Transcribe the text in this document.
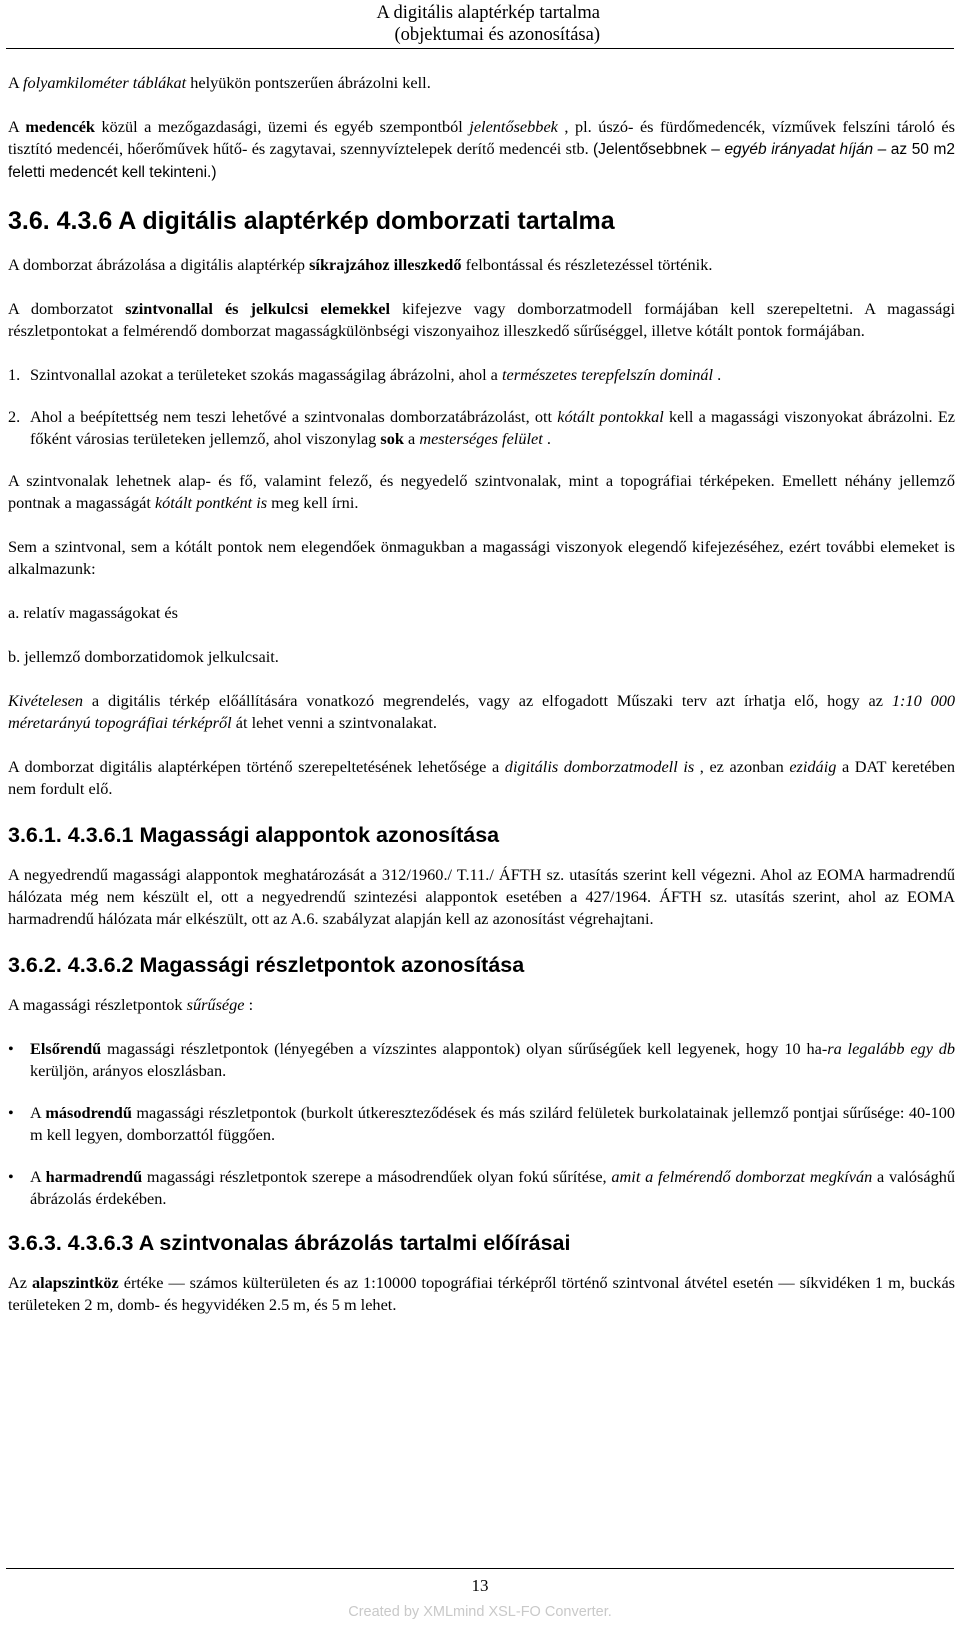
A digitális alaptérkép tartalma
(objektumai és azonosítása)

A folyamkilométer táblákat helyükön pontszerűen ábrázolni kell.

A medencék közül a mezőgazdasági, üzemi és egyéb szempontból jelentősebbek , pl. úszó- és fürdőmedencék, vízművek felszíni tároló és tisztító medencéi, hőerőművek hűtő- és zagytavai, szennyvíztelepek derítő medencéi stb. (Jelentősebbnek – egyéb irányadat híján – az 50 m2 feletti medencét kell tekinteni.)

3.6. 4.3.6 A digitális alaptérkép domborzati tartalma

A domborzat ábrázolása a digitális alaptérkép síkrajzához illeszkedő felbontással és részletezéssel történik.

A domborzatot szintvonallal és jelkulcsi elemekkel kifejezve vagy domborzatmodell formájában kell szerepeltetni. A magassági részletpontokat a felmérendő domborzat magasságkülönbségi viszonyaihoz illeszkedő sűrűséggel, illetve kótált pontok formájában.

1. Szintvonallal azokat a területeket szokás magasságilag ábrázolni, ahol a természetes terepfelszín dominál .
2. Ahol a beépítettség nem teszi lehetővé a szintvonalas domborzatábrázolást, ott kótált pontokkal kell a magassági viszonyokat ábrázolni. Ez főként városias területeken jellemző, ahol viszonylag sok a mesterséges felület .

A szintvonalak lehetnek alap- és fő, valamint felező, és negyedelő szintvonalak, mint a topográfiai térképeken. Emellett néhány jellemző pontnak a magasságát kótált pontként is meg kell írni.

Sem a szintvonal, sem a kótált pontok nem elegendőek önmagukban a magassági viszonyok elegendő kifejezéséhez, ezért további elemeket is alkalmazunk:

a. relatív magasságokat és

b. jellemző domborzatidomok jelkulcsait.

Kivételesen a digitális térkép előállítására vonatkozó megrendelés, vagy az elfogadott Műszaki terv azt írhatja elő, hogy az 1:10 000 méretarányú topográfiai térképről át lehet venni a szintvonalakat.

A domborzat digitális alaptérképen történő szerepeltetésének lehetősége a digitális domborzatmodell is , ez azonban ezidáig a DAT keretében nem fordult elő.

3.6.1. 4.3.6.1 Magassági alappontok azonosítása

A negyedrendű magassági alappontok meghatározását a 312/1960./ T.11./ ÁFTH sz. utasítás szerint kell végezni. Ahol az EOMA harmadrendű hálózata még nem készült el, ott a negyedrendű szintezési alappontok esetében a 427/1964. ÁFTH sz. utasítás szerint, ahol az EOMA harmadrendű hálózata már elkészült, ott az A.6. szabályzat alapján kell az azonosítást végrehajtani.

3.6.2. 4.3.6.2 Magassági részletpontok azonosítása

A magassági részletpontok sűrűsége :

• Elsőrendű magassági részletpontok (lényegében a vízszintes alappontok) olyan sűrűségűek kell legyenek, hogy 10 ha-ra legalább egy db kerüljön, arányos eloszlásban.
• A másodrendű magassági részletpontok (burkolt útkereszteződések és más szilárd felületek burkolatainak jellemző pontjai sűrűsége: 40-100 m kell legyen, domborzattól függően.
• A harmadrendű magassági részletpontok szerepe a másodrendűek olyan fokú sűrítése, amit a felmérendő domborzat megkíván a valósághű ábrázolás érdekében.
3.6.3. 4.3.6.3 A szintvonalas ábrázolás tartalmi előírásai

Az alapszintköz értéke — számos külterületen és az 1:10000 topográfiai térképről történő szintvonal átvétel esetén — síkvidéken 1 m, buckás területeken 2 m, domb- és hegyvidéken 2.5 m, és 5 m lehet.

13
Created by XMLmind XSL-FO Converter.
